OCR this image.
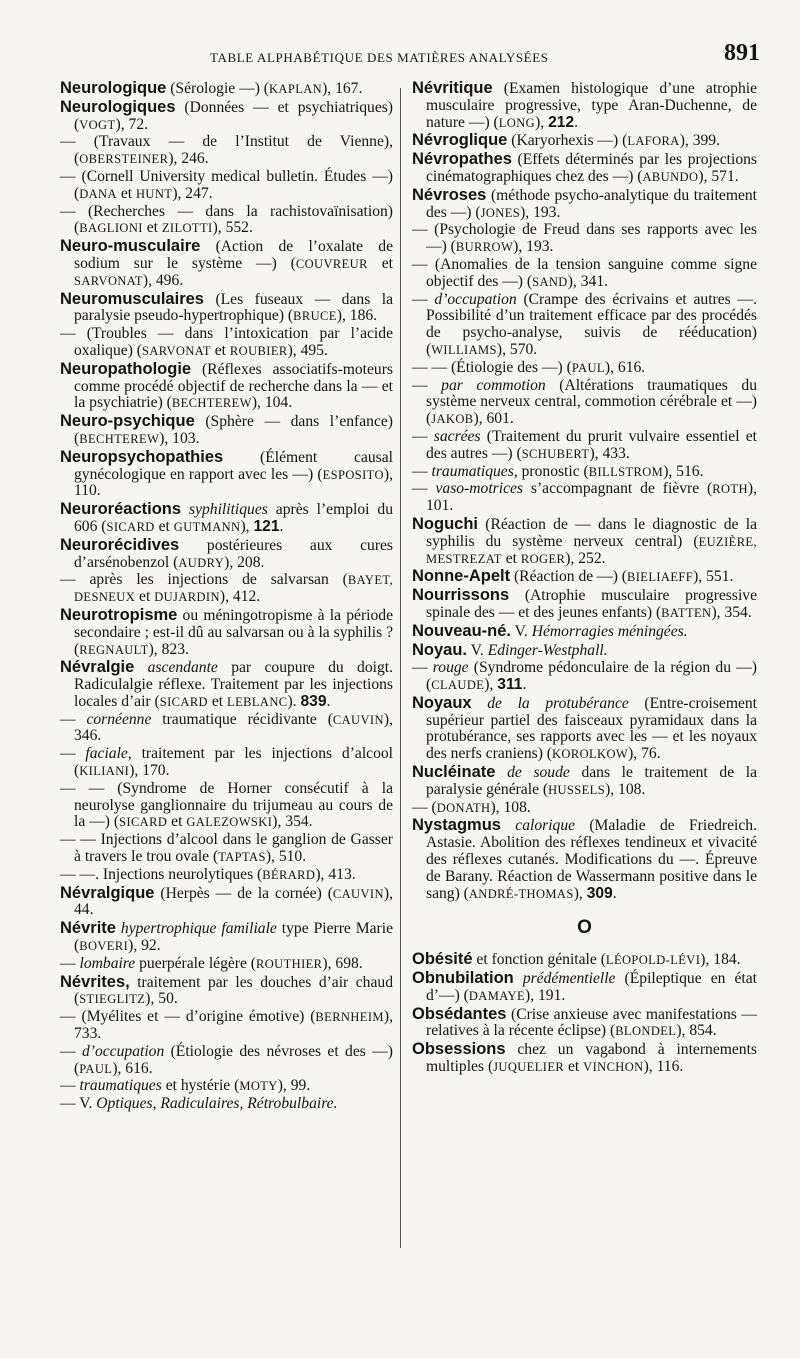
TABLE ALPHABÉTIQUE DES MATIÈRES ANALYSÉES	891
Neurologique (Sérologie —) (KAPLAN), 167.
Neurologiques (Données — et psychiatriques) (VOGT), 72.
— (Travaux — de l’Institut de Vienne), (OBERSTEINER), 246.
— (Cornell University medical bulletin. Études —) (DANA et HUNT), 247.
— (Recherches — dans la rachistovaïnisation) (BAGLIONI et ZILOTTI), 552.
Neuro-musculaire (Action de l’oxalate de sodium sur le système —) (COUVREUR et SARVONAT), 496.
Neuromusculaires (Les fuseaux — dans la paralysie pseudo-hypertrophique) (BRUCE), 186.
— (Troubles — dans l’intoxication par l’acide oxalique) (SARVONAT et ROUBIER), 495.
Neuropathologie (Réflexes associatifs-moteurs comme procédé objectif de recherche dans la — et la psychiatrie) (BECHTEREW), 104.
Neuro-psychique (Sphère — dans l’enfance) (BECHTEREW), 103.
Neuropsychopathies (Élément causal gynécologique en rapport avec les —) (ESPOSITO), 110.
Neuroréactions syphilitiques après l’emploi du 606 (SICARD et GUTMANN), 121.
Neurorécidives postérieures aux cures d’arsénobenzol (AUDRY), 208.
— après les injections de salvarsan (BAYET, DESNEUX et DUJARDIN), 412.
Neurotropisme ou méningotropisme à la période secondaire ; est-il dû au salvarsan ou à la syphilis ? (REGNAULT), 823.
Névralgie ascendante par coupure du doigt. Radiculalgie réflexe. Traitement par les injections locales d’air (SICARD et LEBLANC). 839.
— cornéenne traumatique récidivante (CAUVIN), 346.
— faciale, traitement par les injections d’alcool (KILIANI), 170.
— — (Syndrome de Horner consécutif à la neurolyse ganglionnaire du trijumeau au cours de la —) (SICARD et GALEZOWSKI), 354.
— — Injections d’alcool dans le ganglion de Gasser à travers le trou ovale (TAPTAS), 510.
— —. Injections neurolytiques (BÉRARD), 413.
Névralgique (Herpès — de la cornée) (CAUVIN), 44.
Névrite hypertrophique familiale type Pierre Marie (BOVERI), 92.
— lombaire puerpérale légère (ROUTHIER), 698.
Névrites, traitement par les douches d’air chaud (STIEGLITZ), 50.
— (Myélites et — d’origine émotive) (BERNHEIM), 733.
— d’occupation (Étiologie des névroses et des —) (PAUL), 616.
— traumatiques et hystérie (MOTY), 99.
— V. Optiques, Radiculaires, Rétrobulbaire.
Névritique (Examen histologique d’une atrophie musculaire progressive, type Aran-Duchenne, de nature —) (LONG), 212.
Névroglique (Karyorhexis —) (LAFORA), 399.
Névropathes (Effets déterminés par les projections cinématographiques chez des —) (ABUNDO), 571.
Névroses (méthode psycho-analytique du traitement des —) (JONES), 193.
— (Psychologie de Freud dans ses rapports avec les —) (BURROW), 193.
— (Anomalies de la tension sanguine comme signe objectif des —) (SAND), 341.
— d’occupation (Crampe des écrivains et autres —. Possibilité d’un traitement efficace par des procédés de psycho-analyse, suivis de rééducation) (WILLIAMS), 570.
— — (Étiologie des —) (PAUL), 616.
— par commotion (Altérations traumatiques du système nerveux central, commotion cérébrale et —) (JAKOB), 601.
— sacrées (Traitement du prurit vulvaire essentiel et des autres —) (SCHUBERT), 433.
— traumatiques, pronostic (BILLSTROM), 516.
— vaso-motrices s’accompagnant de fièvre (ROTH), 101.
Noguchi (Réaction de — dans le diagnostic de la syphilis du système nerveux central) (EUZIÈRE, MESTREZAT et ROGER), 252.
Nonne-Apelt (Réaction de —) (BIELIAEFF), 551.
Nourrissons (Atrophie musculaire progressive spinale des — et des jeunes enfants) (BATTEN), 354.
Nouveau-né. V. Hémorragies méningées.
Noyau. V. Edinger-Westphall.
— rouge (Syndrome pédonculaire de la région du —) (CLAUDE), 311.
Noyaux de la protubérance (Entre-croisement supérieur partiel des faisceaux pyramidaux dans la protubérance, ses rapports avec les — et les noyaux des nerfs craniens) (KOROLKOW), 76.
Nucléinate de soude dans le traitement de la paralysie générale (HUSSELS), 108.
— (DONATH), 108.
Nystagmus calorique (Maladie de Friedreich. Astasie. Abolition des réflexes tendineux et vivacité des réflexes cutanés. Modifications du —. Épreuve de Barany. Réaction de Wassermann positive dans le sang) (ANDRÉ-THOMAS), 309.
O
Obésité et fonction génitale (LÉOPOLD-LÉVI), 184.
Obnubilation prédémentielle (Épileptique en état d’—) (DAMAYE), 191.
Obsédantes (Crise anxieuse avec manifestations — relatives à la récente éclipse) (BLONDEL), 854.
Obsessions chez un vagabond à internements multiples (JUQUELIER et VINCHON), 116.
